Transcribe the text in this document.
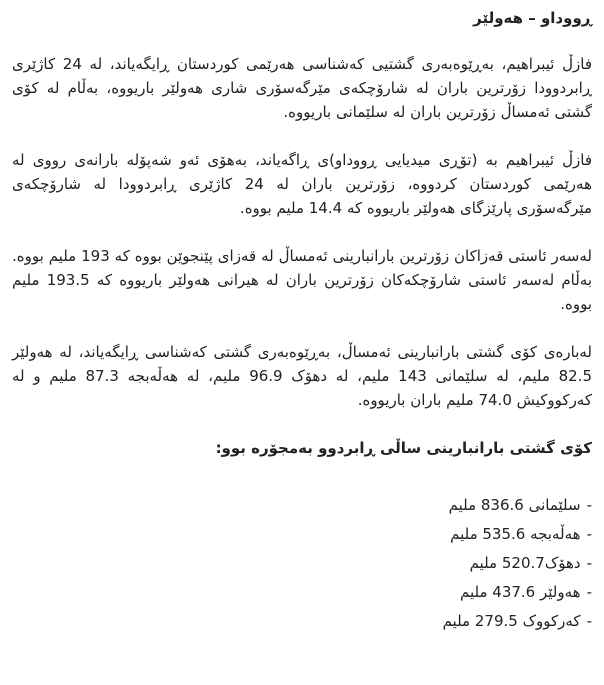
ڕووداو – هەولێر

فازڵ ئیبراهیم، بەڕێوەبەری گشتیی کەشناسی هەرێمی کوردستان ڕایگەیاند، لە 24 کاژێری ڕابردوودا زۆرترین باران لە شارۆچکەی مێرگەسۆری شاری هەولێر باریووە، بەڵام لە کۆی گشتی ئەمساڵ زۆرترین باران لە سلێمانی باریووە.

فازڵ ئیبراهیم بە (تۆڕی میدیایی ڕووداو)ی ڕاگەیاند، بەهۆی ئەو شەپۆلە بارانەی رووی لە هەرێمی کوردستان کردووە، زۆرترین باران لە 24 کاژێری ڕابردوودا لە شارۆچکەی مێرگەسۆری پارێزگای هەولێر باریووە کە 14.4 ملیم بووە.

لەسەر ئاستی قەزاکان زۆرترین بارانبارینی ئەمساڵ لە قەزای پێنجوێن بووە کە 193 ملیم بووە. بەڵام لەسەر ئاستی شارۆچکەکان زۆرترین باران لە هیرانی هەولێر باریووە کە 193.5 ملیم بووە.

لەبارەی کۆی گشتی بارانبارینی ئەمساڵ، بەڕێوەبەری گشتی کەشناسی ڕایگەیاند، لە هەولێر 82.5 ملیم، لە سلێمانی 143 ملیم، لە دهۆک 96.9 ملیم، لە هەڵەبجە 87.3 ملیم و لە کەرکووکیش 74.0 ملیم باران باریووە.

کۆی گشتی بارانبارینی ساڵی ڕابردوو بەمجۆرە بوو:
-سلێمانی 836.6 ملیم
-هەڵەبجە 535.6 ملیم
-دهۆک520.7 ملیم
-هەولێر 437.6 ملیم
-کەرکووک 279.5 ملیم
